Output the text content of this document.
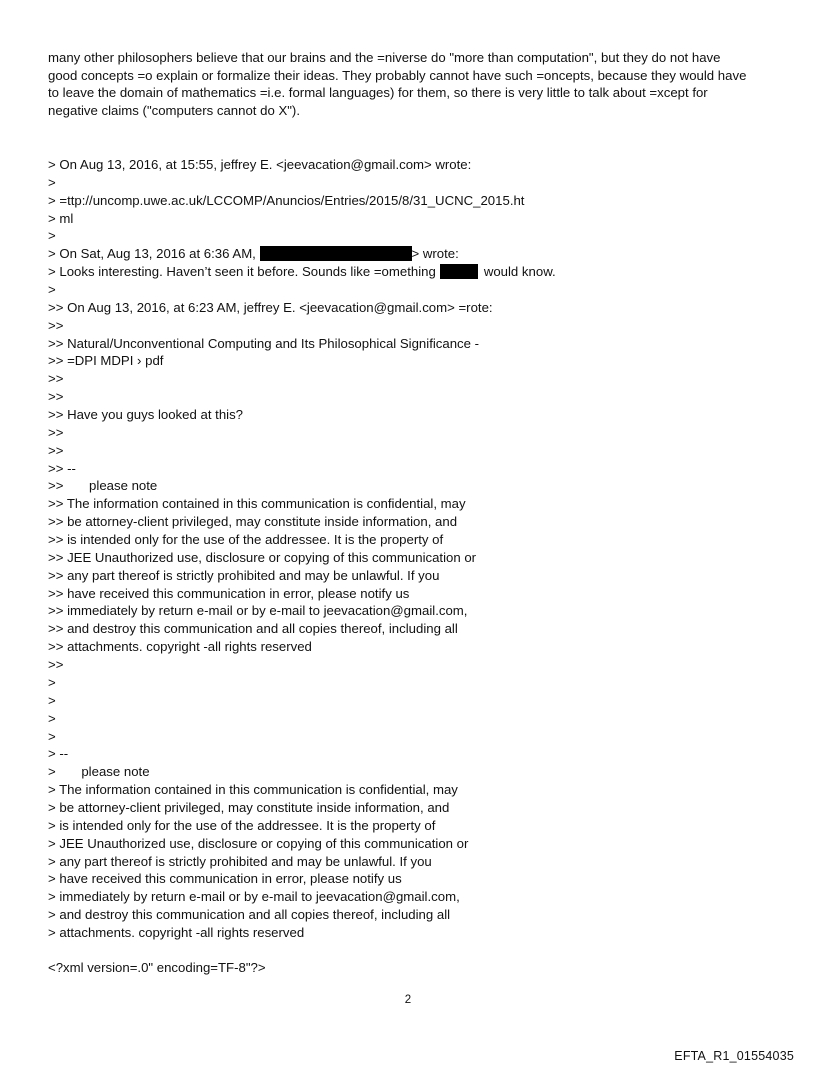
many other philosophers believe that our brains and the =niverse do "more than computation", but they do not have
good concepts =o explain or formalize their ideas. They probably cannot have such =oncepts, because they would have
to leave the domain of mathematics =i.e. formal languages) for them, so there is very little to talk about =xcept for
negative claims ("computers cannot do X").

> On Aug 13, 2016, at 15:55, jeffrey E. <jeevacation@gmail.com> wrote:
>
> =ttp://uncomp.uwe.ac.uk/LCCOMP/Anuncios/Entries/2015/8/31_UCNC_2015.ht
> ml
>
> On Sat, Aug 13, 2016 at 6:36 AM,	> wrote:
> Looks interesting. Haven’t seen it before. Sounds like =omething	would know.
>
>> On Aug 13, 2016, at 6:23 AM, jeffrey E. <jeevacation@gmail.com> =rote:
>>
>> Natural/Unconventional Computing and Its Philosophical Significance -
>> =DPI MDPI › pdf
>>
>>
>> Have you guys looked at this?
>>
>>
>> --
>>       please note
>> The information contained in this communication is confidential, may
>> be attorney-client privileged, may constitute inside information, and
>> is intended only for the use of the addressee. It is the property of
>> JEE Unauthorized use, disclosure or copying of this communication or
>> any part thereof is strictly prohibited and may be unlawful. If you
>> have received this communication in error, please notify us
>> immediately by return e-mail or by e-mail to jeevacation@gmail.com,
>> and destroy this communication and all copies thereof, including all
>> attachments. copyright -all rights reserved
>>
>
>
>
>
> --
>       please note
> The information contained in this communication is confidential, may
> be attorney-client privileged, may constitute inside information, and
> is intended only for the use of the addressee. It is the property of
> JEE Unauthorized use, disclosure or copying of this communication or
> any part thereof is strictly prohibited and may be unlawful. If you
> have received this communication in error, please notify us
> immediately by return e-mail or by e-mail to jeevacation@gmail.com,
> and destroy this communication and all copies thereof, including all
> attachments. copyright -all rights reserved
<?xml version=.0" encoding=TF-8"?>
2
EFTA_R1_01554035
